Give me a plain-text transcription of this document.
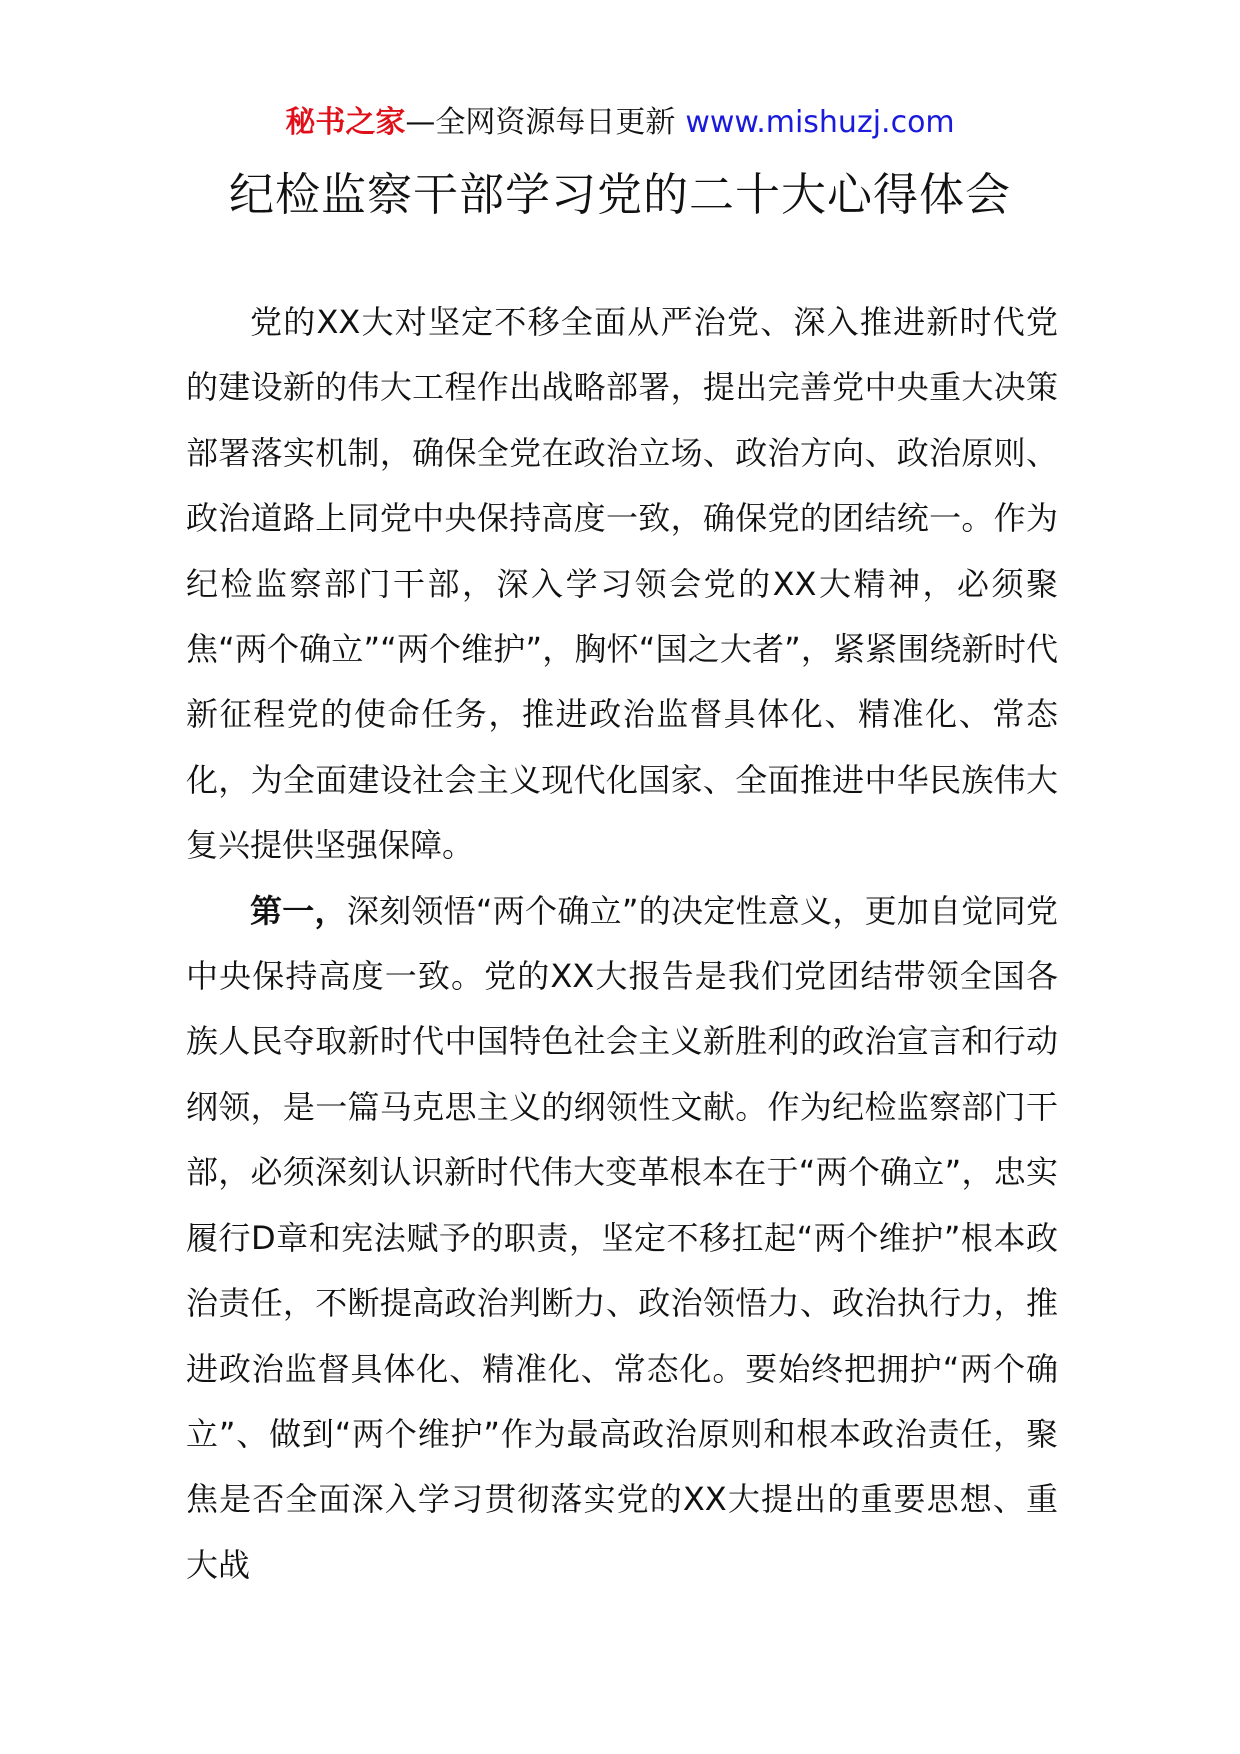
秘书之家—全网资源每日更新 www.mishuzj.com
纪检监察干部学习党的二十大心得体会

党的XX大对坚定不移全面从严治党、深入推进新时代党的建设新的伟大工程作出战略部署，提出完善党中央重大决策部署落实机制，确保全党在政治立场、政治方向、政治原则、政治道路上同党中央保持高度一致，确保党的团结统一。作为纪检监察部门干部，深入学习领会党的XX大精神，必须聚焦“两个确立”“两个维护”，胸怀“国之大者”，紧紧围绕新时代新征程党的使命任务，推进政治监督具体化、精准化、常态化，为全面建设社会主义现代化国家、全面推进中华民族伟大复兴提供坚强保障。

第一，深刻领悟“两个确立”的决定性意义，更加自觉同党中央保持高度一致。党的XX大报告是我们党团结带领全国各族人民夺取新时代中国特色社会主义新胜利的政治宣言和行动纲领，是一篇马克思主义的纲领性文献。作为纪检监察部门干部，必须深刻认识新时代伟大变革根本在于“两个确立”，忠实履行D章和宪法赋予的职责，坚定不移扛起“两个维护”根本政治责任，不断提高政治判断力、政治领悟力、政治执行力，推进政治监督具体化、精准化、常态化。要始终把拥护“两个确立”、做到“两个维护”作为最高政治原则和根本政治责任，聚焦是否全面深入学习贯彻落实党的XX大提出的重要思想、重大战
